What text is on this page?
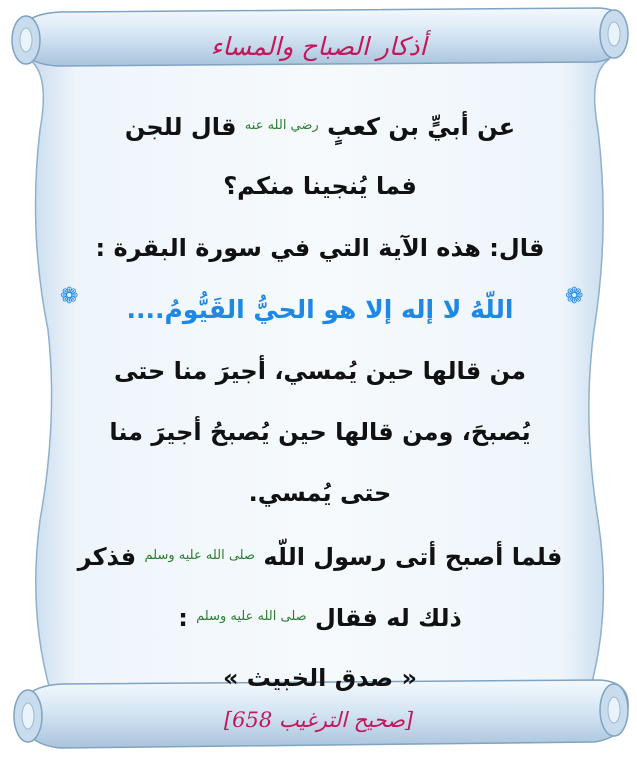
أذكار الصباح والمساء
❁	❁
عن أبيٍّ بن كعبٍ $^{رضي الله عنه}$ قال للجن
فما يُنجينا منكم؟
قال: هذه الآية التي في سورة البقرة :
اللّهُ لا إله إلا هو الحيُّ القَيُّومُ....
من قالها حين يُمسي، أجيرَ منا حتى
يُصبحَ، ومن قالها حين يُصبحُ أجيرَ منا
حتى يُمسي.
فلما أصبح أتى رسول اللّه $^{صلى الله عليه وسلم}$ فذكر
ذلك له فقال $^{صلى الله عليه وسلم}$ :
« صدق الخبيث »
[صحيح الترغيب 658]
